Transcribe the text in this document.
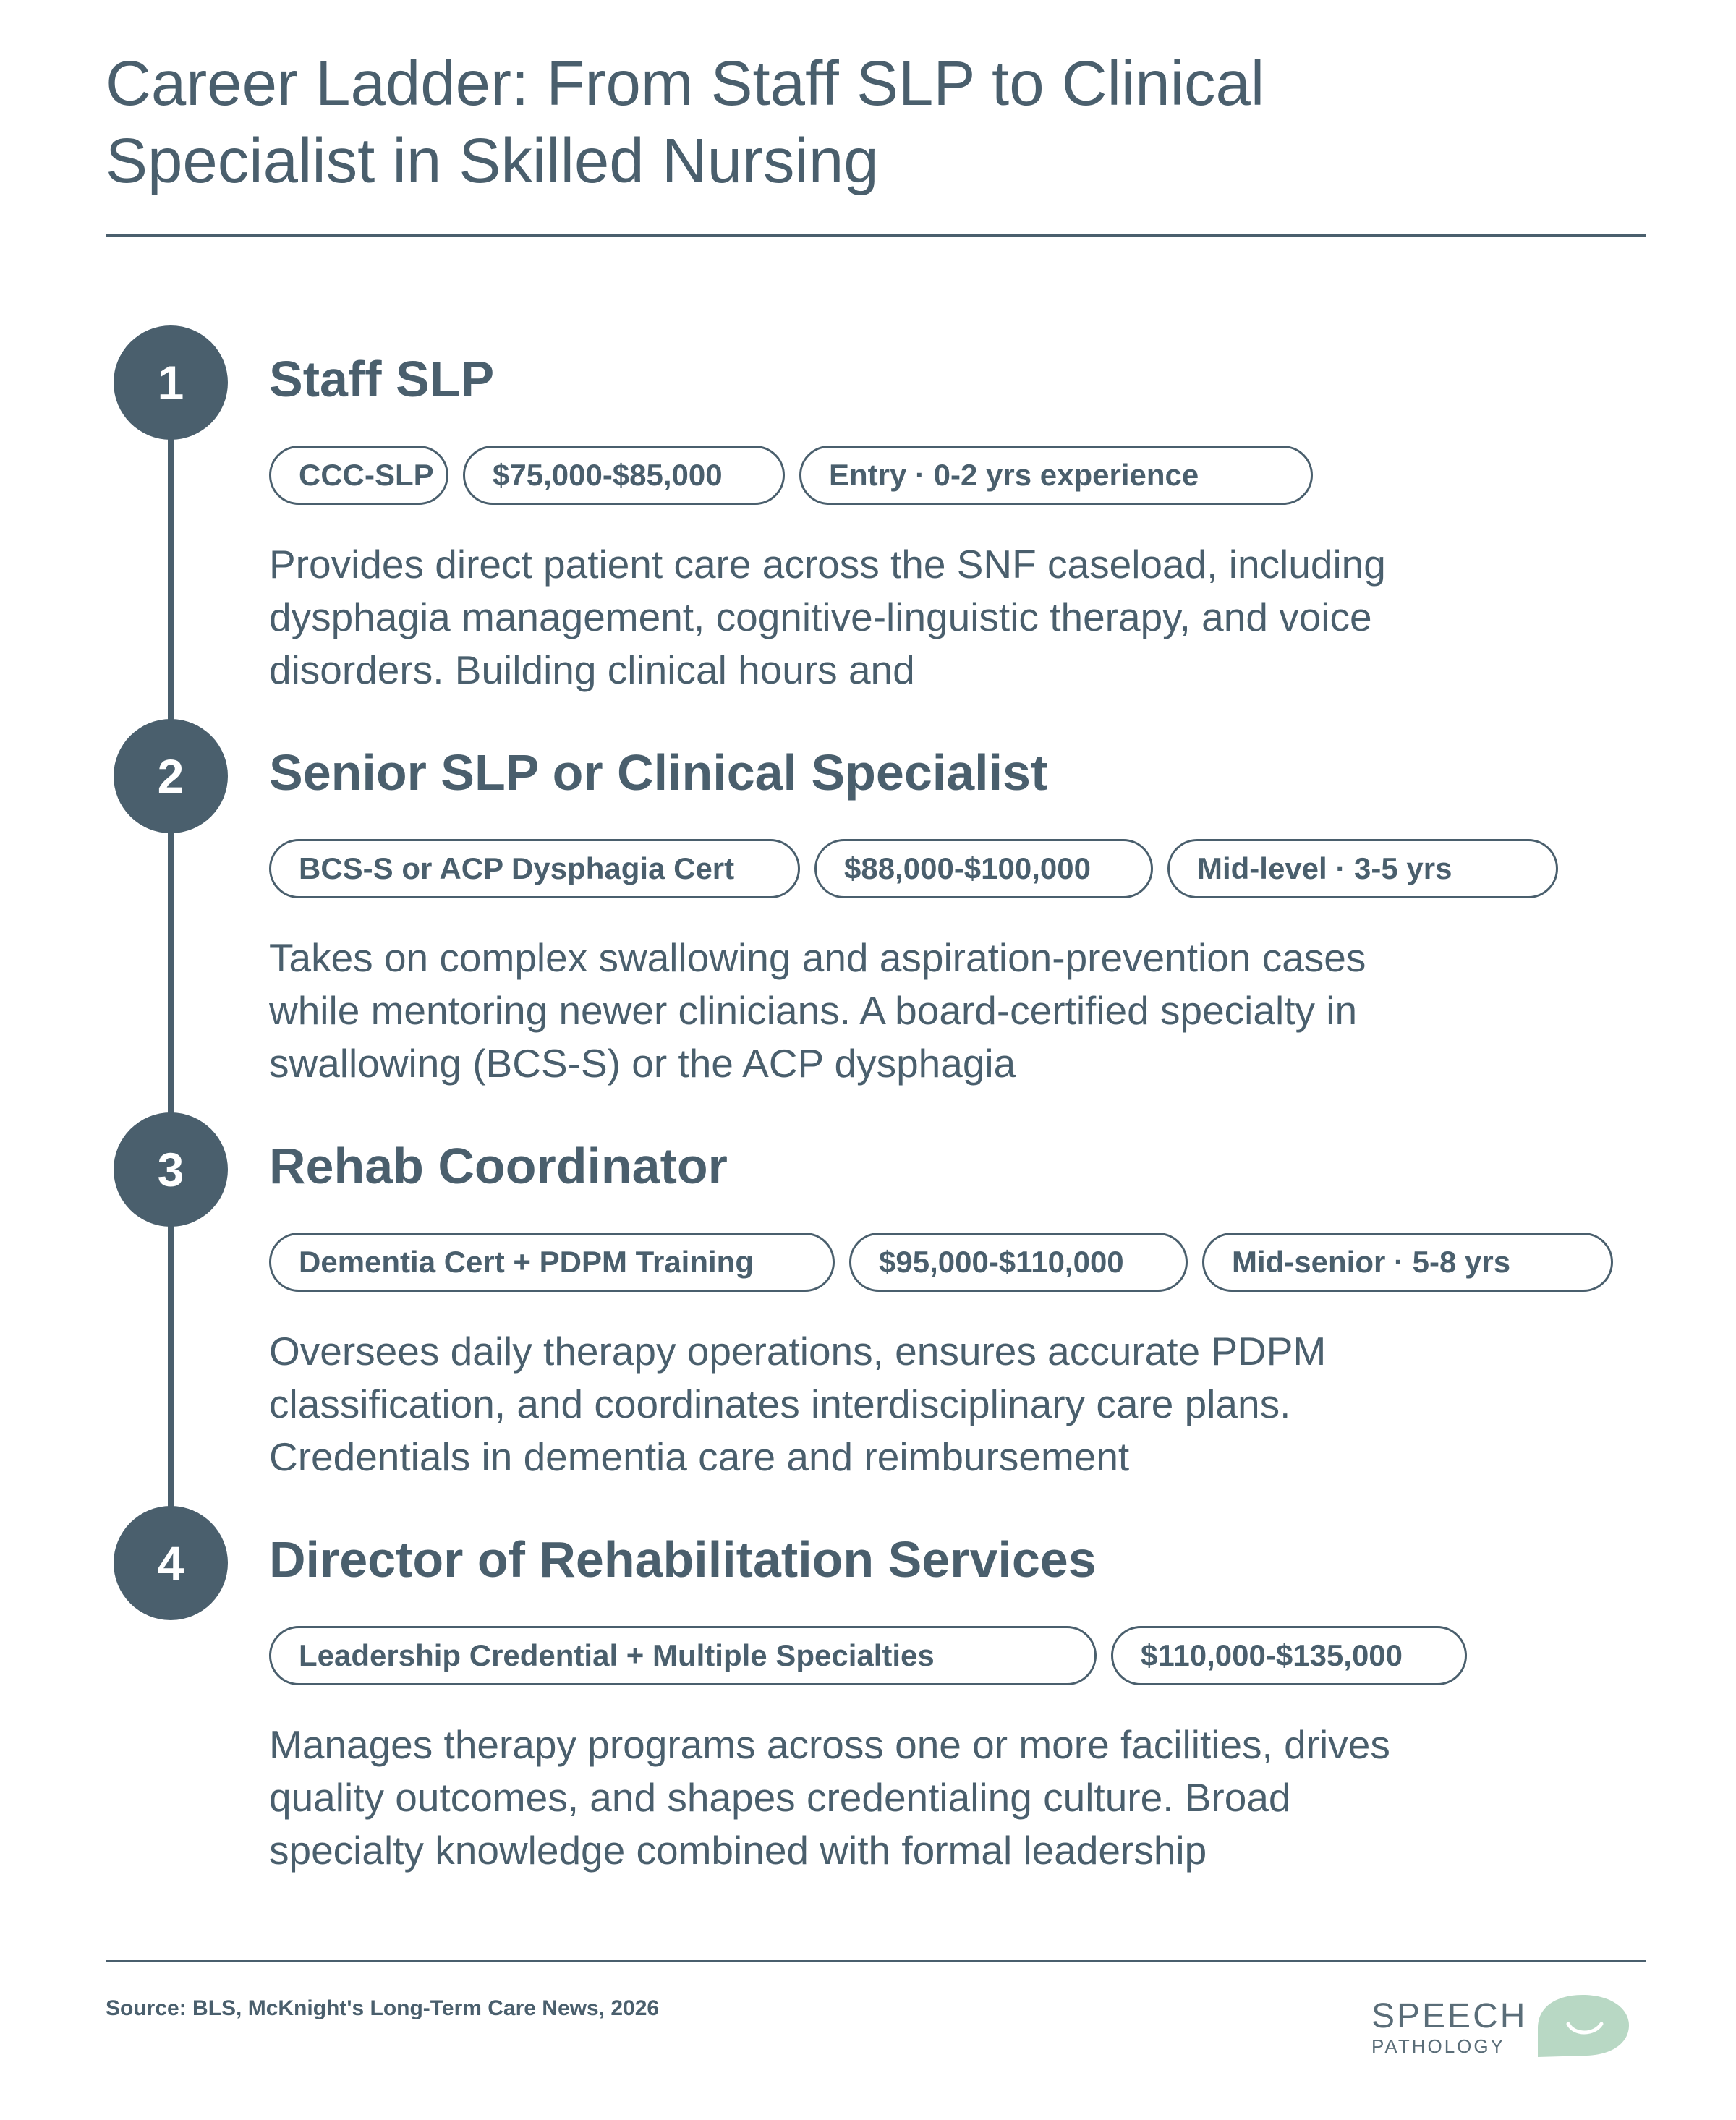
Career Ladder: From Staff SLP to Clinical Specialist in Skilled Nursing
1	Staff SLP
CCC-SLP	$75,000-$85,000	Entry · 0-2 yrs experience

Provides direct patient care across the SNF caseload, including dysphagia management, cognitive-linguistic therapy, and voice disorders. Building clinical hours and

2	Senior SLP or Clinical Specialist
BCS-S or ACP Dysphagia Cert	$88,000-$100,000	Mid-level · 3-5 yrs

Takes on complex swallowing and aspiration-prevention cases while mentoring newer clinicians. A board-certified specialty in swallowing (BCS-S) or the ACP dysphagia

3	Rehab Coordinator
Dementia Cert + PDPM Training	$95,000-$110,000	Mid-senior · 5-8 yrs

Oversees daily therapy operations, ensures accurate PDPM classification, and coordinates interdisciplinary care plans. Credentials in dementia care and reimbursement

4	Director of Rehabilitation Services
Leadership Credential + Multiple Specialties	$110,000-$135,000

Manages therapy programs across one or more facilities, drives quality outcomes, and shapes credentialing culture. Broad specialty knowledge combined with formal leadership

Source: BLS, McKnight's Long-Term Care News, 2026	SPEECH
PATHOLOGY
